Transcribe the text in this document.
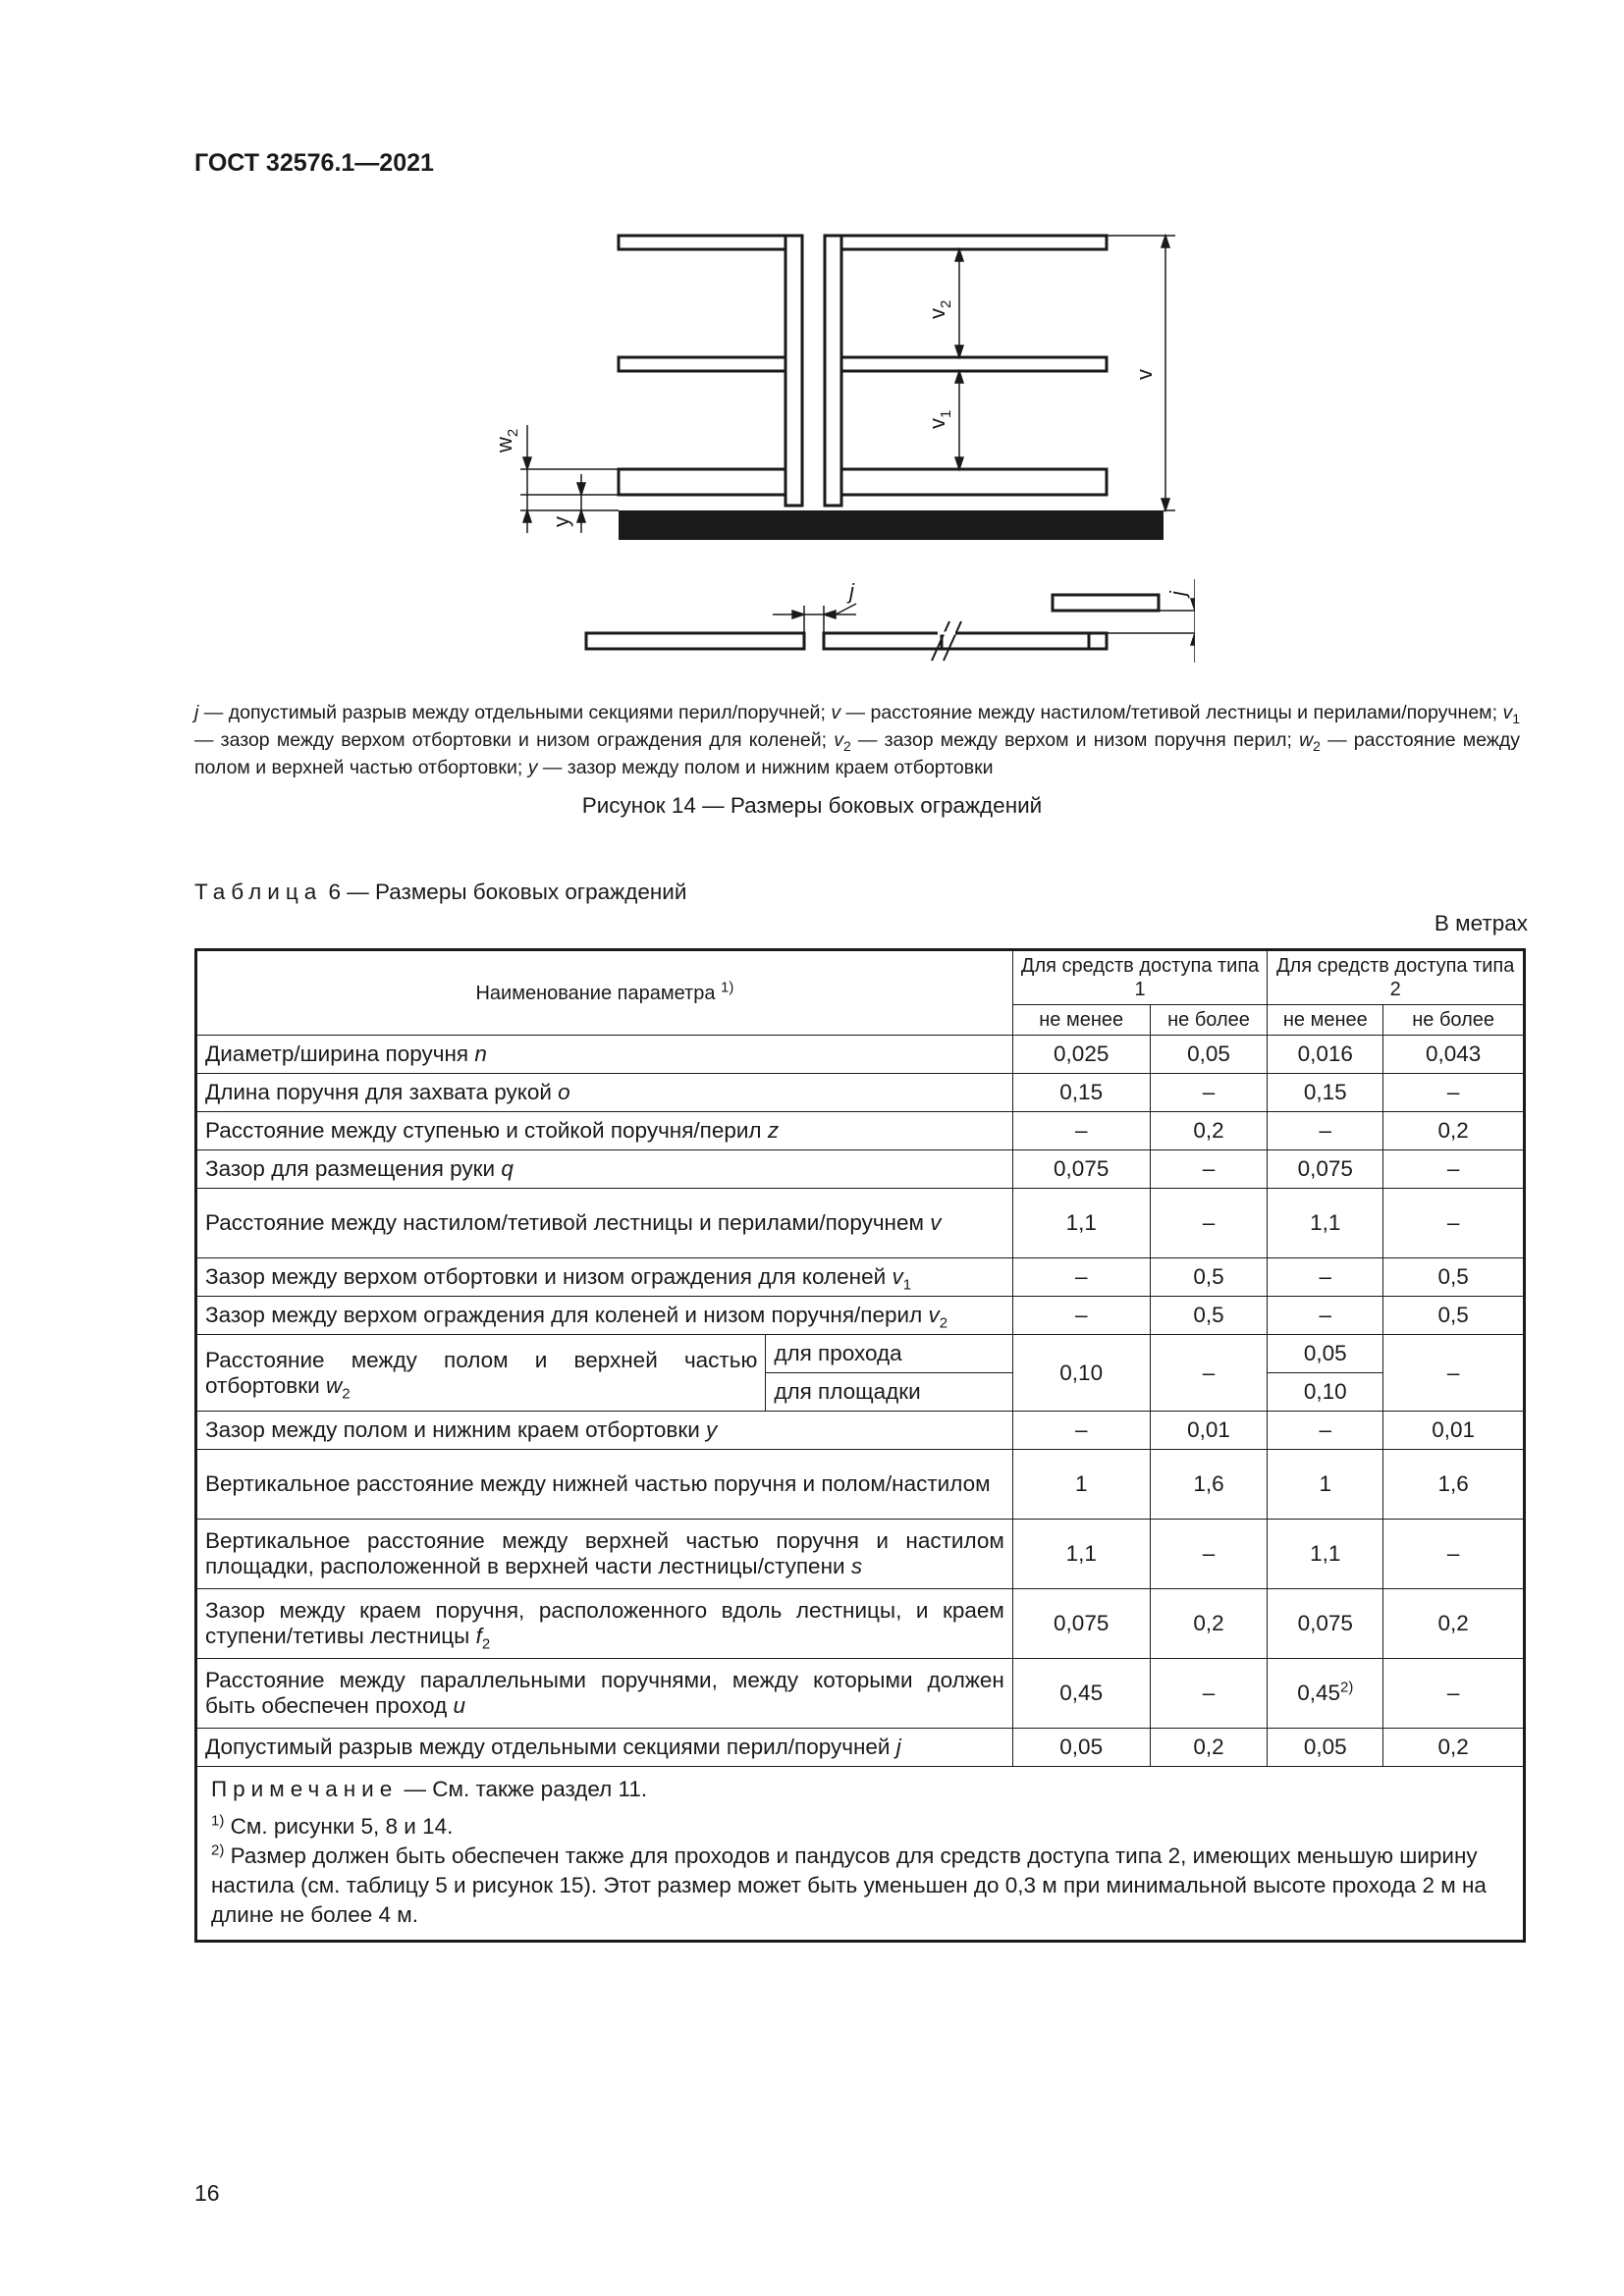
ГОСТ 32576.1—2021
$v_2$
$v_1$
v
$w_2$
y
j	j
j — допустимый разрыв между отдельными секциями перил/поручней; v — расстояние между настилом/тетивой лестницы и перилами/поручнем; $v_1$ — зазор между верхом отбортовки и низом ограждения для коленей; $v_2$ — зазор между верхом и низом поручня перил; $w_2$ — расстояние между полом и верхней частью отбортовки; y — зазор между полом и нижним краем отбортовки
Рисунок 14 — Размеры боковых ограждений
Таблица 6 — Размеры боковых ограждений
В метрах
Наименование параметра $^{1)}$		Для средств доступа типа 1		Для средств доступа типа 2	
		не менее	не более	не менее	не более
Диаметр/ширина поручня n		0,025	0,05	0,016	0,043
Длина поручня для захвата рукой o		0,15	–	0,15	–
Расстояние между ступенью и стойкой поручня/перил z		–	0,2	–	0,2
Зазор для размещения руки q		0,075	–	0,075	–
Расстояние между настилом/тетивой лестницы и перилами/поручнем v		1,1	–	1,1	–
Зазор между верхом отбортовки и низом ограждения для коленей $v_1$		–	0,5	–	0,5
Зазор между верхом ограждения для коленей и низом поручня/перил $v_2$		–	0,5	–	0,5
Расстояние между полом и верхней частью отбортовки $w_2$	для прохода	0,10	–	0,05	–
	для площадки			0,10	
Зазор между полом и нижним краем отбортовки y		–	0,01	–	0,01
Вертикальное расстояние между нижней частью поручня и полом/настилом		1	1,6	1	1,6
Вертикальное расстояние между верхней частью поручня и настилом площадки, расположенной в верхней части лестницы/ступени s		1,1	–	1,1	–
Зазор между краем поручня, расположенного вдоль лестницы, и краем ступени/тетивы лестницы $f_2$		0,075	0,2	0,075	0,2
Расстояние между параллельными поручнями, между которыми должен быть обеспечен проход u		0,45	–	0,45$^{2)}$	–
Допустимый разрыв между отдельными секциями перил/поручней j		0,05	0,2	0,05	0,2

Примечание — См. также раздел 11.
$^{1)}$ См. рисунки 5, 8 и 14.
$^{2)}$ Размер должен быть обеспечен также для проходов и пандусов для средств доступа типа 2, имеющих меньшую ширину настила (см. таблицу 5 и рисунок 15). Этот размер может быть уменьшен до 0,3 м при минимальной высоте прохода 2 м на длине не более 4 м.					
16
